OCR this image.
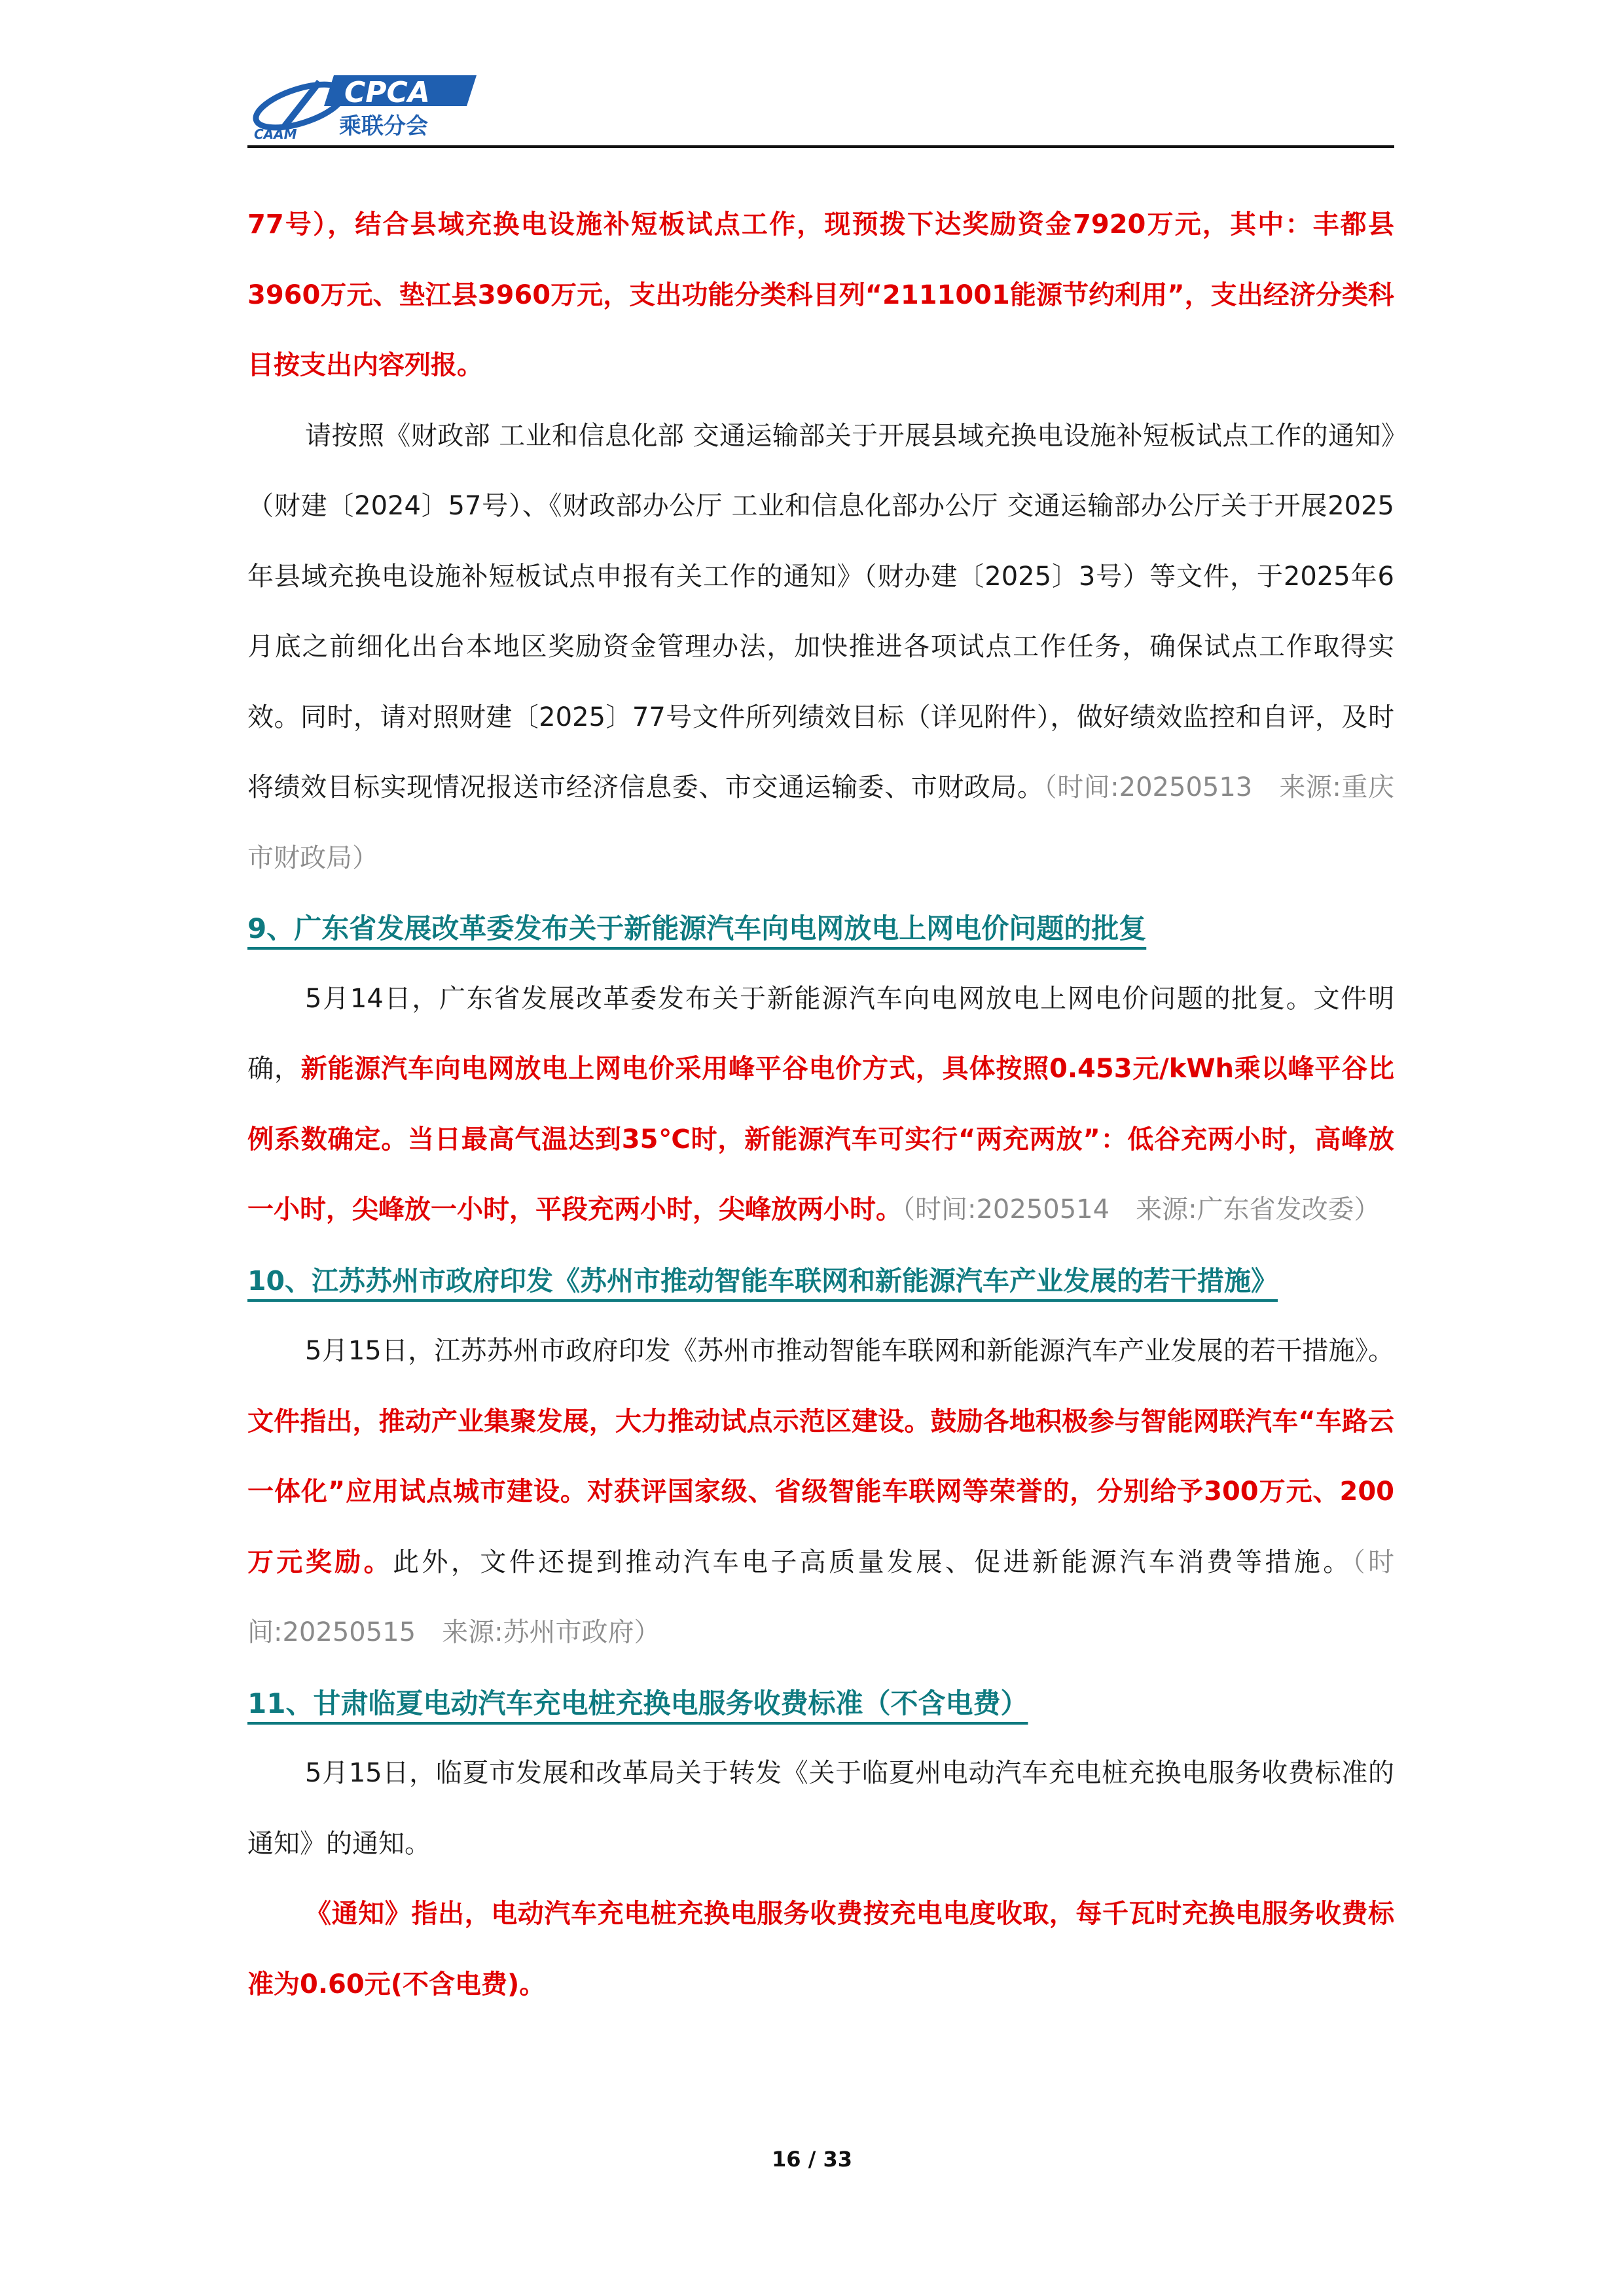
CAAM
CPCA
乘联分会

77号），结合县域充换电设施补短板试点工作，现预拨下达奖励资金7920万元，其中：丰都县3960万元、垫江县3960万元，支出功能分类科目列“2111001能源节约利用”，支出经济分类科目按支出内容列报。

请按照《财政部 工业和信息化部 交通运输部关于开展县域充换电设施补短板试点工作的通知》（财建〔2024〕57号）、《财政部办公厅 工业和信息化部办公厅 交通运输部办公厅关于开展2025年县域充换电设施补短板试点申报有关工作的通知》（财办建〔2025〕3号）等文件，于2025年6月底之前细化出台本地区奖励资金管理办法，加快推进各项试点工作任务，确保试点工作取得实效。同时，请对照财建〔2025〕77号文件所列绩效目标（详见附件），做好绩效监控和自评，及时将绩效目标实现情况报送市经济信息委、市交通运输委、市财政局。（时间:20250513　来源:重庆市财政局）

9、广东省发展改革委发布关于新能源汽车向电网放电上网电价问题的批复

5月14日，广东省发展改革委发布关于新能源汽车向电网放电上网电价问题的批复。文件明确，新能源汽车向电网放电上网电价采用峰平谷电价方式，具体按照0.453元/kWh乘以峰平谷比例系数确定。当日最高气温达到35℃时，新能源汽车可实行“两充两放”：低谷充两小时，高峰放一小时，尖峰放一小时，平段充两小时，尖峰放两小时。（时间:20250514　来源:广东省发改委）

10、江苏苏州市政府印发《苏州市推动智能车联网和新能源汽车产业发展的若干措施》

5月15日，江苏苏州市政府印发《苏州市推动智能车联网和新能源汽车产业发展的若干措施》。文件指出，推动产业集聚发展，大力推动试点示范区建设。鼓励各地积极参与智能网联汽车“车路云一体化”应用试点城市建设。对获评国家级、省级智能车联网等荣誉的，分别给予300万元、200万元奖励。此外，文件还提到推动汽车电子高质量发展、促进新能源汽车消费等措施。（时间:20250515　来源:苏州市政府）

11、甘肃临夏电动汽车充电桩充换电服务收费标准（不含电费）

5月15日，临夏市发展和改革局关于转发《关于临夏州电动汽车充电桩充换电服务收费标准的通知》的通知。

《通知》指出，电动汽车充电桩充换电服务收费按充电电度收取，每千瓦时充换电服务收费标准为0.60元(不含电费)。

16 / 33
